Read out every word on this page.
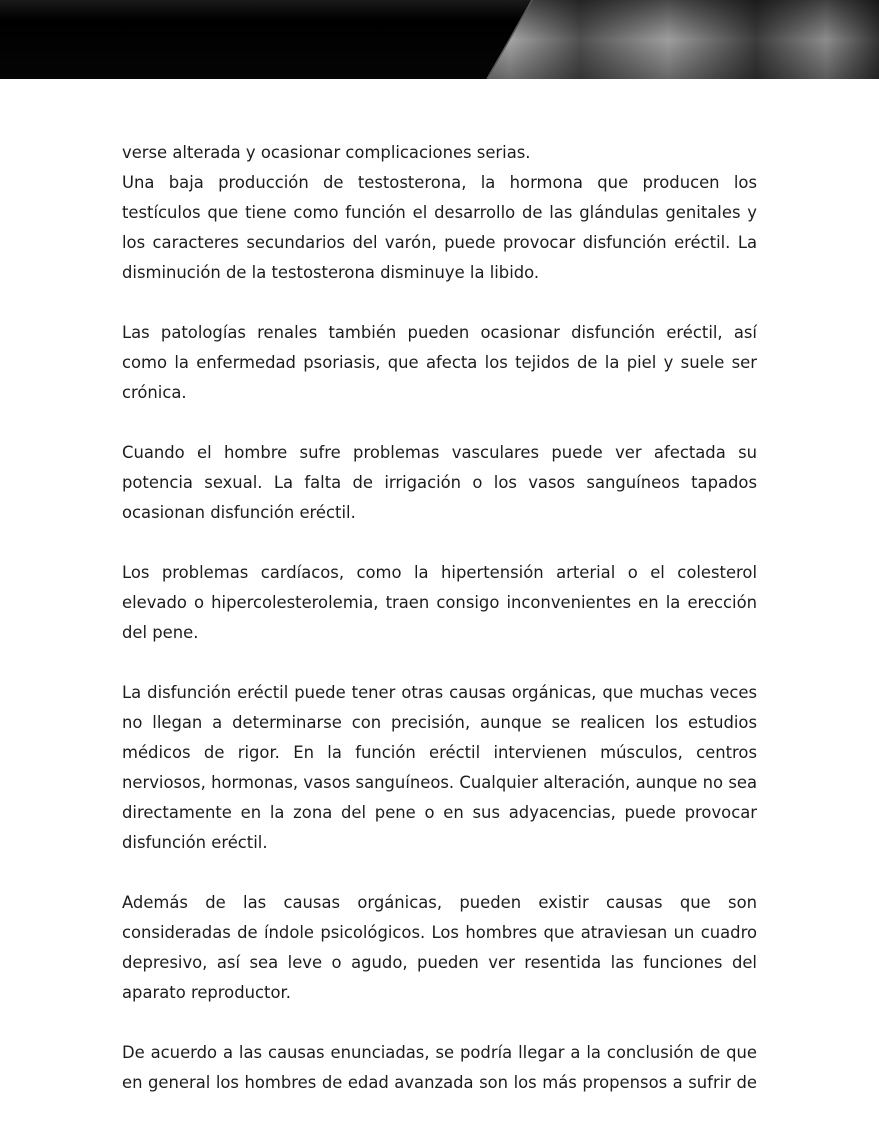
verse alterada y ocasionar complicaciones serias.

Una baja producción de testosterona, la hormona que producen los testículos que tiene como función el desarrollo de las glándulas genitales y los caracteres secundarios del varón, puede provocar disfunción eréctil. La disminución de la testosterona disminuye la libido.

Las patologías renales también pueden ocasionar disfunción eréctil, así como la enfermedad psoriasis, que afecta los tejidos de la piel y suele ser crónica.

Cuando el hombre sufre problemas vasculares puede ver afectada su potencia sexual. La falta de irrigación o los vasos sanguíneos tapados ocasionan disfunción eréctil.

Los problemas cardíacos, como la hipertensión arterial o el colesterol elevado o hipercolesterolemia, traen consigo inconvenientes en la erección del pene.

La disfunción eréctil puede tener otras causas orgánicas, que muchas veces no llegan a determinarse con precisión, aunque se realicen los estudios médicos de rigor. En la función eréctil intervienen músculos, centros nerviosos, hormonas, vasos sanguíneos. Cualquier alteración, aunque no sea directamente en la zona del pene o en sus adyacencias, puede provocar disfunción eréctil.

Además de las causas orgánicas, pueden existir causas que son consideradas de índole psicológicos. Los hombres que atraviesan un cuadro depresivo, así sea leve o agudo, pueden ver resentida las funciones del aparato reproductor.

De acuerdo a las causas enunciadas, se podría llegar a la conclusión de que en general los hombres de edad avanzada son los más propensos a sufrir de
